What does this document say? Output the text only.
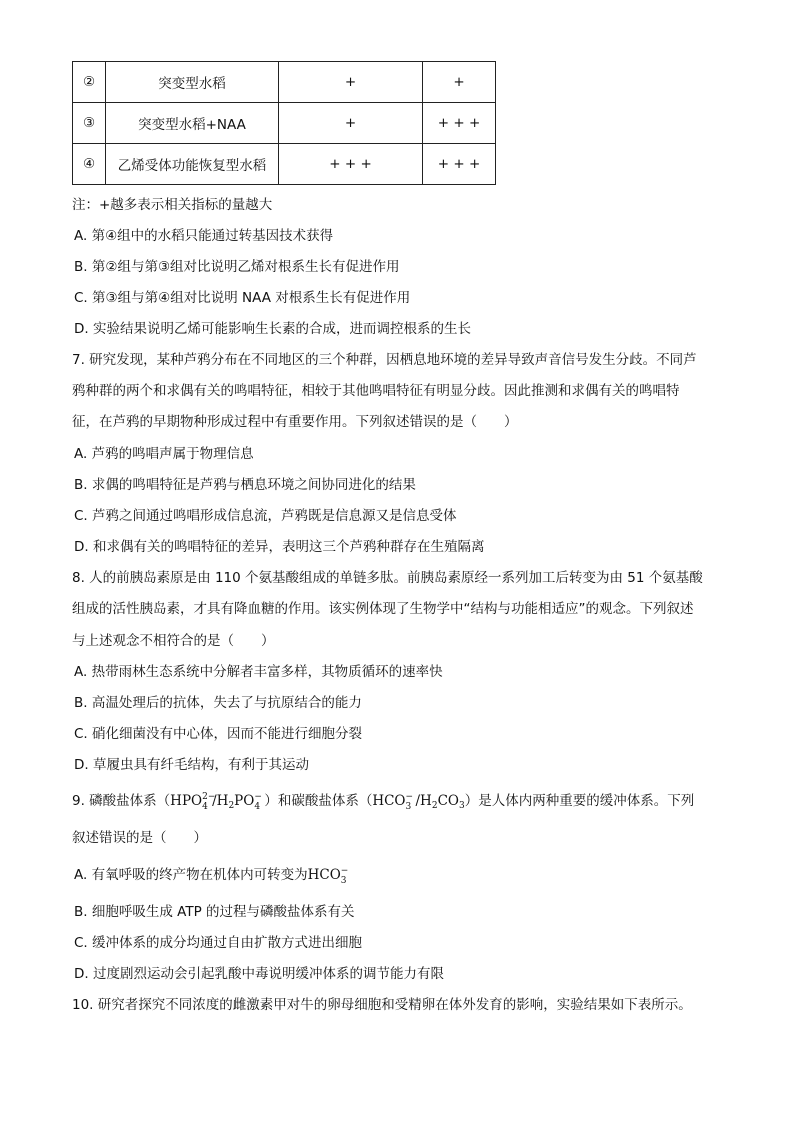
②	突变型水稻	+	+
③	突变型水稻+NAA	+	+ + +
④	乙烯受体功能恢复型水稻	+ + +	+ + +
注：+越多表示相关指标的量越大
A. 第④组中的水稻只能通过转基因技术获得
B. 第②组与第③组对比说明乙烯对根系生长有促进作用
C. 第③组与第④组对比说明 NAA 对根系生长有促进作用
D. 实验结果说明乙烯可能影响生长素的合成，进而调控根系的生长
7. 研究发现，某种芦鸦分布在不同地区的三个种群，因栖息地环境的差异导致声音信号发生分歧。不同芦
鸦种群的两个和求偶有关的鸣唱特征，相较于其他鸣唱特征有明显分歧。因此推测和求偶有关的鸣唱特
征，在芦鸦的早期物种形成过程中有重要作用。下列叙述错误的是（　　）
A. 芦鸦的鸣唱声属于物理信息
B. 求偶的鸣唱特征是芦鸦与栖息环境之间协同进化的结果
C. 芦鸦之间通过鸣唱形成信息流，芦鸦既是信息源又是信息受体
D. 和求偶有关的鸣唱特征的差异，表明这三个芦鸦种群存在生殖隔离
8. 人的前胰岛素原是由 110 个氨基酸组成的单链多肽。前胰岛素原经一系列加工后转变为由 51 个氨基酸
组成的活性胰岛素，才具有降血糖的作用。该实例体现了生物学中“结构与功能相适应”的观念。下列叙述
与上述观念不相符合的是（　　）
A. 热带雨林生态系统中分解者丰富多样，其物质循环的速率快
B. 高温处理后的抗体，失去了与抗原结合的能力
C. 硝化细菌没有中心体，因而不能进行细胞分裂
D. 草履虫具有纤毛结构，有利于其运动
9. 磷酸盐体系（HPO 2−
4 $/H_2PO$ −
4 ）和碳酸盐体系（HCO −
3 $/H_2CO_3$）是人体内两种重要的缓冲体系。下列
叙述错误的是（　　）
A. 有氧呼吸的终产物在机体内可转变为HCO −
3
B. 细胞呼吸生成 ATP 的过程与磷酸盐体系有关
C. 缓冲体系的成分均通过自由扩散方式进出细胞
D. 过度剧烈运动会引起乳酸中毒说明缓冲体系的调节能力有限
10. 研究者探究不同浓度的雌激素甲对牛的卵母细胞和受精卵在体外发育的影响，实验结果如下表所示。
